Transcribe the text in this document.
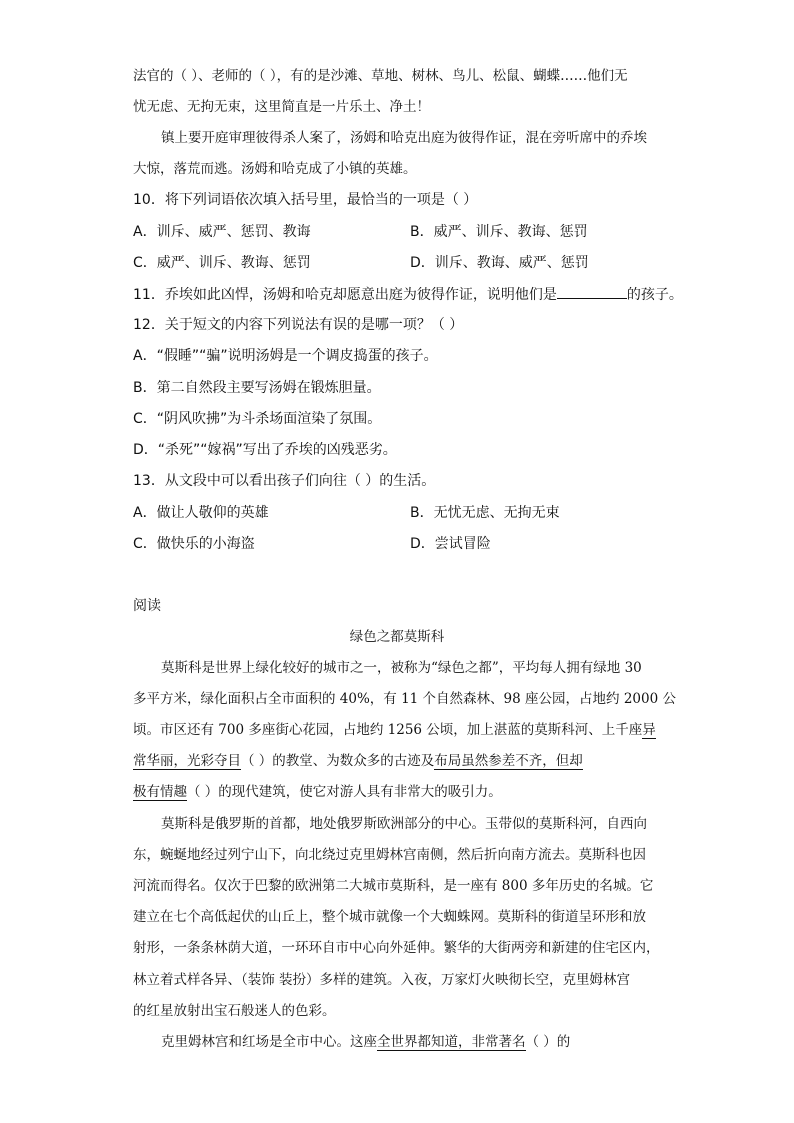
法官的（ ）、老师的（ ），有的是沙滩、草地、树林、鸟儿、松鼠、蝴蝶……他们无
忧无虑、无拘无束，这里简直是一片乐土、净土！
镇上要开庭审理彼得杀人案了，汤姆和哈克出庭为彼得作证，混在旁听席中的乔埃
大惊，落荒而逃。汤姆和哈克成了小镇的英雄。
10．将下列词语依次填入括号里，最恰当的一项是（ ）
A．训斥、威严、惩罚、教诲	B．威严、训斥、教诲、惩罚
C．威严、训斥、教诲、惩罚	D．训斥、教诲、威严、惩罚
11．乔埃如此凶悍，汤姆和哈克却愿意出庭为彼得作证，说明他们是	的孩子。
12．关于短文的内容下列说法有误的是哪一项？（ ）
A．“假睡”“骗”说明汤姆是一个调皮捣蛋的孩子。
B．第二自然段主要写汤姆在锻炼胆量。
C．“阴风吹拂”为斗杀场面渲染了氛围。
D．“杀死”“嫁祸”写出了乔埃的凶残恶劣。
13．从文段中可以看出孩子们向往（ ）的生活。
A．做让人敬仰的英雄	B．无忧无虑、无拘无束
C．做快乐的小海盗	D．尝试冒险
阅读
绿色之都莫斯科
莫斯科是世界上绿化较好的城市之一，被称为“绿色之都”，平均每人拥有绿地 30
多平方米，绿化面积占全市面积的 40%，有 11 个自然森林、98 座公园，占地约 2000 公
顷。市区还有 700 多座街心花园，占地约 1256 公顷，加上湛蓝的莫斯科河、上千座异
常华丽，光彩夺目（ ）的教堂、为数众多的古迹及布局虽然参差不齐，但却
极有情趣（ ）的现代建筑，使它对游人具有非常大的吸引力。
莫斯科是俄罗斯的首都，地处俄罗斯欧洲部分的中心。玉带似的莫斯科河，自西向
东，蜿蜒地经过列宁山下，向北绕过克里姆林宫南侧，然后折向南方流去。莫斯科也因
河流而得名。仅次于巴黎的欧洲第二大城市莫斯科，是一座有 800 多年历史的名城。它
建立在七个高低起伏的山丘上，整个城市就像一个大蜘蛛网。莫斯科的街道呈环形和放
射形，一条条林荫大道，一环环自市中心向外延伸。繁华的大街两旁和新建的住宅区内，
林立着式样各异、（装饰 装扮）多样的建筑。入夜，万家灯火映彻长空，克里姆林宫
的红星放射出宝石般迷人的色彩。
克里姆林宫和红场是全市中心。这座全世界都知道，非常著名（ ）的
